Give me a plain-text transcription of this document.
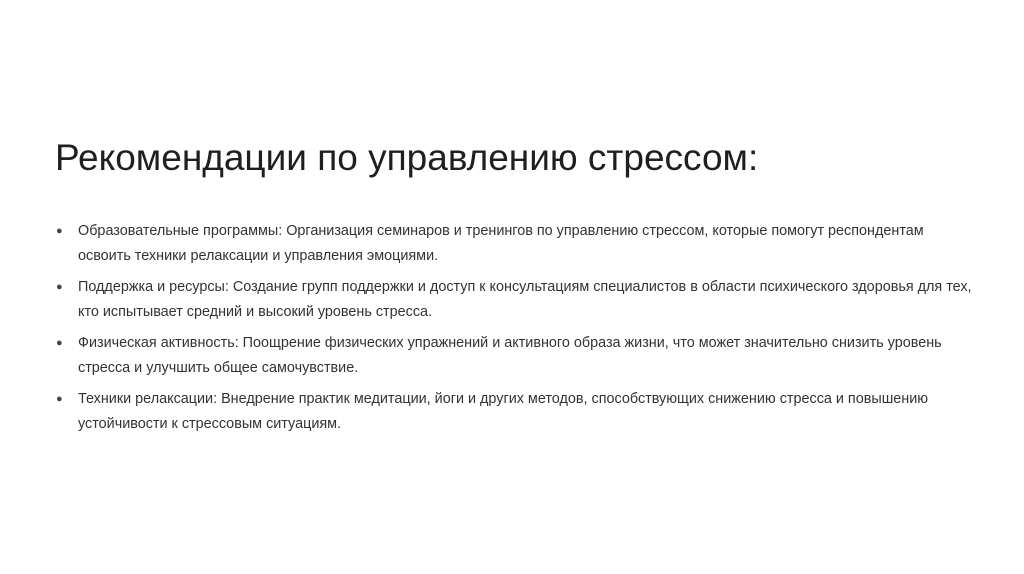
Рекомендации по управлению стрессом:
● Образовательные программы: Организация семинаров и тренингов по управлению стрессом, которые помогут респондентам освоить техники релаксации и управления эмоциями.
● Поддержка и ресурсы: Создание групп поддержки и доступ к консультациям специалистов в области психического здоровья для тех, кто испытывает средний и высокий уровень стресса.
● Физическая активность: Поощрение физических упражнений и активного образа жизни, что может значительно снизить уровень стресса и улучшить общее самочувствие.
● Техники релаксации: Внедрение практик медитации, йоги и других методов, способствующих снижению стресса и повышению устойчивости к стрессовым ситуациям.
